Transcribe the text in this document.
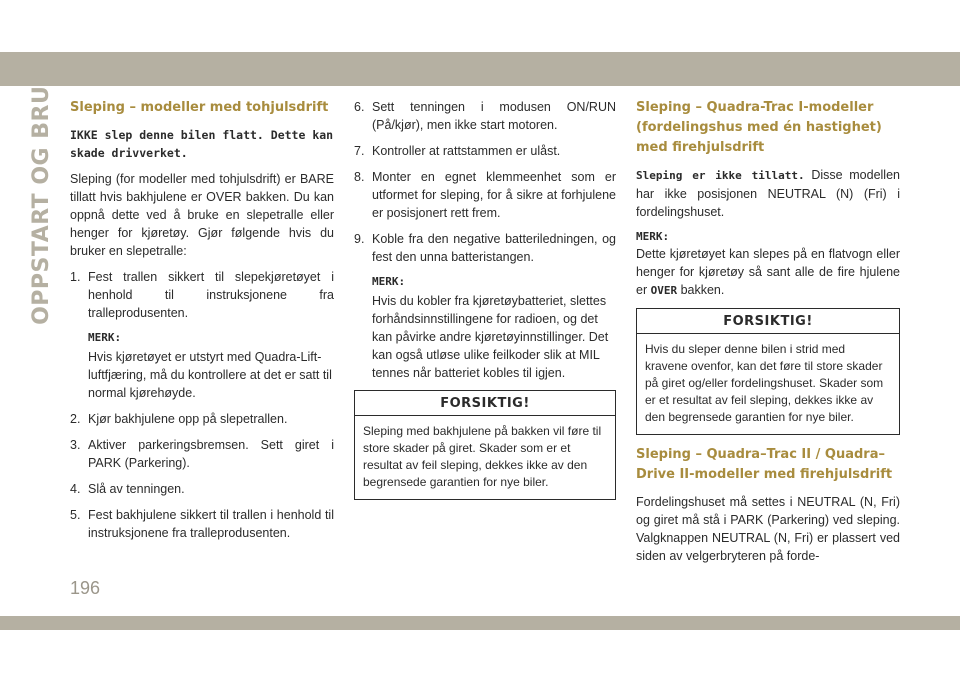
OPPSTART OG BRUK Sleping – modeller med tohjulsdrift

IKKE slep denne bilen flatt. Dette kan skade drivverket.

Sleping (for modeller med tohjulsdrift) er BARE tillatt hvis bakhjulene er OVER bakken. Du kan oppnå dette ved å bruke en slepetralle eller henger for kjøretøy. Gjør følgende hvis du bruker en slepetralle:

1. Fest trallen sikkert til slepekjøretøyet i henhold til instruksjonene fra tralleprodusenten.
MERK:
Hvis kjøretøyet er utstyrt med Quadra-Lift-luftfjæring, må du kontrollere at det er satt til normal kjørehøyde.
2. Kjør bakhjulene opp på slepetrallen.
3. Aktiver parkeringsbremsen. Sett giret i PARK (Parkering).
4. Slå av tenningen.
5. Fest bakhjulene sikkert til trallen i henhold til instruksjonene fra tralleprodusenten.
6. Sett tenningen i modusen ON/RUN (På/kjør), men ikke start motoren.
7. Kontroller at rattstammen er ulåst.
8. Monter en egnet klemmeenhet som er utformet for sleping, for å sikre at forhjulene er posisjonert rett frem.
9. Koble fra den negative batteriledningen, og fest den unna batteristangen.
MERK:
Hvis du kobler fra kjøretøybatteriet, slettes forhåndsinnstillingene for radioen, og det kan påvirke andre kjøretøyinnstillinger. Det kan også utløse ulike feilkoder slik at MIL tennes når batteriet kobles til igjen.
FORSIKTIG!
Sleping med bakhjulene på bakken vil føre til store skader på giret. Skader som er et resultat av feil sleping, dekkes ikke av den begrensede garantien for nye biler.
Sleping – Quadra-Trac I-modeller (fordelingshus med én hastighet) med firehjulsdrift

Sleping er ikke tillatt. Disse modellen har ikke posisjonen NEUTRAL (N) (Fri) i fordelingshuset.

MERK:
Dette kjøretøyet kan slepes på en flatvogn eller henger for kjøretøy så sant alle de fire hjulene er OVER bakken.

FORSIKTIG!
Hvis du sleper denne bilen i strid med kravene ovenfor, kan det føre til store skader på giret og/eller fordelingshuset. Skader som er et resultat av feil sleping, dekkes ikke av den begrensede garantien for nye biler.
Sleping – Quadra–Trac II / Quadra–Drive II-modeller med firehjulsdrift

Fordelingshuset må settes i NEUTRAL (N, Fri) og giret må stå i PARK (Parkering) ved sleping. Valgknappen NEUTRAL (N, Fri) er plassert ved siden av velgerbryteren på forde-

196
